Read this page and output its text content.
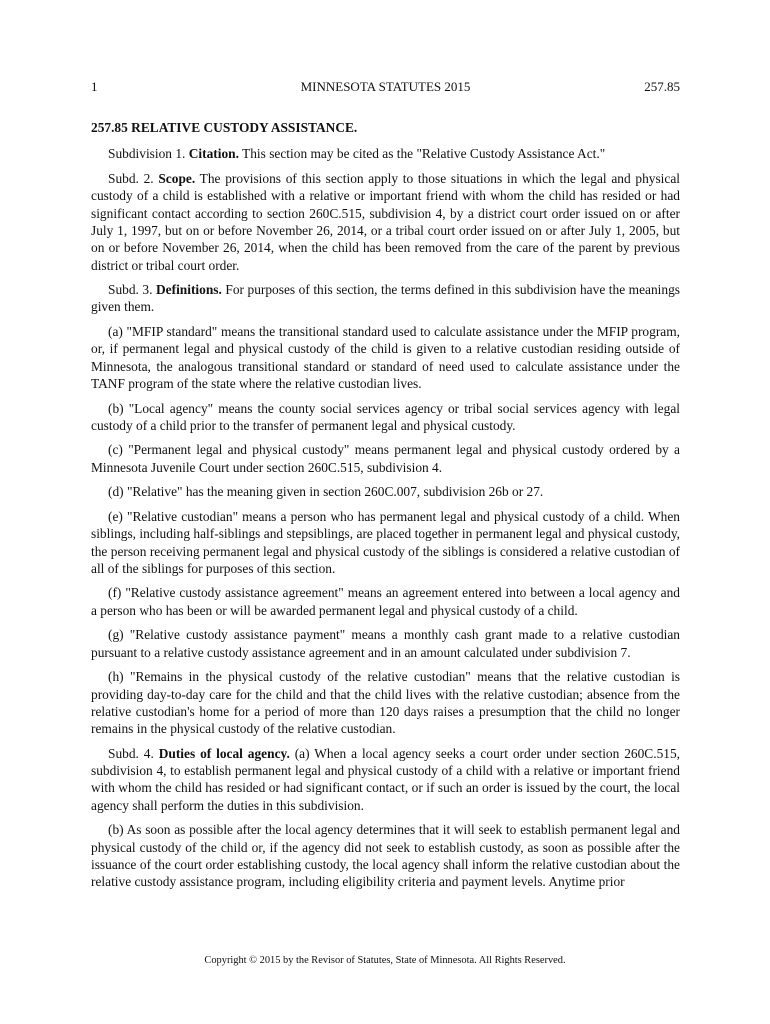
1	MINNESOTA STATUTES 2015	257.85
257.85 RELATIVE CUSTODY ASSISTANCE.

Subdivision 1. Citation. This section may be cited as the "Relative Custody Assistance Act."

Subd. 2. Scope. The provisions of this section apply to those situations in which the legal and physical custody of a child is established with a relative or important friend with whom the child has resided or had significant contact according to section 260C.515, subdivision 4, by a district court order issued on or after July 1, 1997, but on or before November 26, 2014, or a tribal court order issued on or after July 1, 2005, but on or before November 26, 2014, when the child has been removed from the care of the parent by previous district or tribal court order.

Subd. 3. Definitions. For purposes of this section, the terms defined in this subdivision have the meanings given them.

(a) "MFIP standard" means the transitional standard used to calculate assistance under the MFIP program, or, if permanent legal and physical custody of the child is given to a relative custodian residing outside of Minnesota, the analogous transitional standard or standard of need used to calculate assistance under the TANF program of the state where the relative custodian lives.

(b) "Local agency" means the county social services agency or tribal social services agency with legal custody of a child prior to the transfer of permanent legal and physical custody.

(c) "Permanent legal and physical custody" means permanent legal and physical custody ordered by a Minnesota Juvenile Court under section 260C.515, subdivision 4.

(d) "Relative" has the meaning given in section 260C.007, subdivision 26b or 27.

(e) "Relative custodian" means a person who has permanent legal and physical custody of a child. When siblings, including half-siblings and stepsiblings, are placed together in permanent legal and physical custody, the person receiving permanent legal and physical custody of the siblings is considered a relative custodian of all of the siblings for purposes of this section.

(f) "Relative custody assistance agreement" means an agreement entered into between a local agency and a person who has been or will be awarded permanent legal and physical custody of a child.

(g) "Relative custody assistance payment" means a monthly cash grant made to a relative custodian pursuant to a relative custody assistance agreement and in an amount calculated under subdivision 7.

(h) "Remains in the physical custody of the relative custodian" means that the relative custodian is providing day-to-day care for the child and that the child lives with the relative custodian; absence from the relative custodian's home for a period of more than 120 days raises a presumption that the child no longer remains in the physical custody of the relative custodian.

Subd. 4. Duties of local agency. (a) When a local agency seeks a court order under section 260C.515, subdivision 4, to establish permanent legal and physical custody of a child with a relative or important friend with whom the child has resided or had significant contact, or if such an order is issued by the court, the local agency shall perform the duties in this subdivision.

(b) As soon as possible after the local agency determines that it will seek to establish permanent legal and physical custody of the child or, if the agency did not seek to establish custody, as soon as possible after the issuance of the court order establishing custody, the local agency shall inform the relative custodian about the relative custody assistance program, including eligibility criteria and payment levels. Anytime prior

Copyright © 2015 by the Revisor of Statutes, State of Minnesota. All Rights Reserved.
